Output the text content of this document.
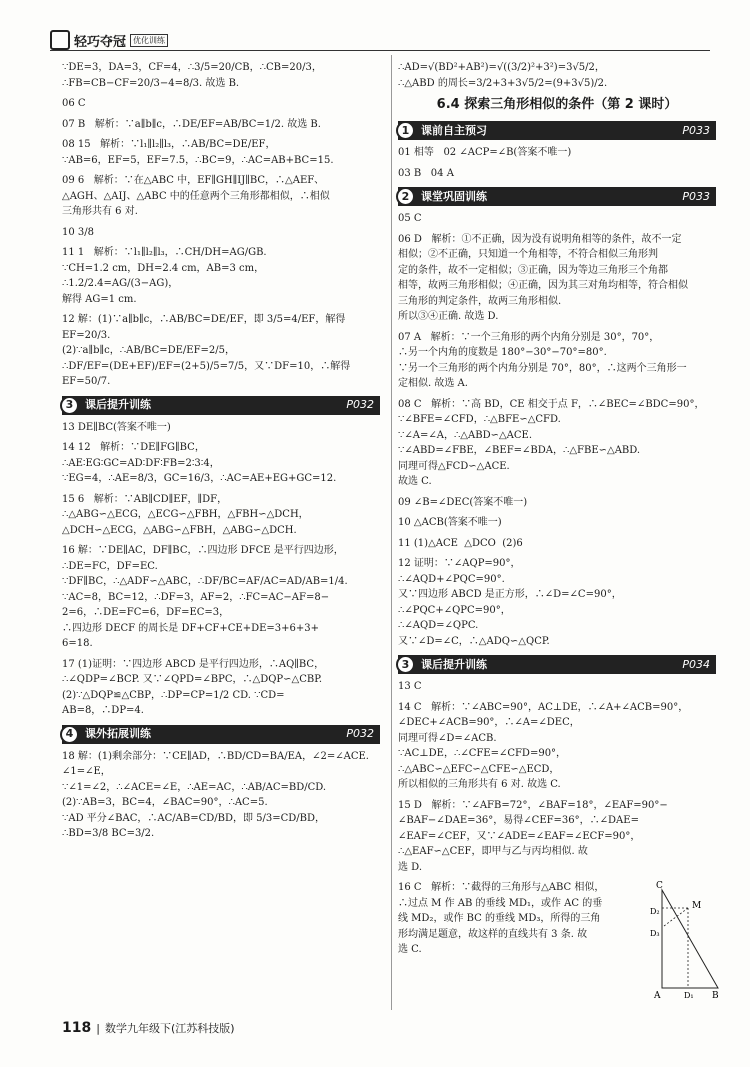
轻巧夺冠 优化训练

∵DE=3，DA=3，CF=4，∴3/5=20/CB，∴CB=20/3，

∴FB=CB−CF=20/3−4=8/3. 故选 B.

06 C

07 B   解析：∵a∥b∥c，∴DE/EF=AB/BC=1/2. 故选 B.

08 15   解析：∵l₁∥l₂∥l₃，∴AB/BC=DE/EF，

∵AB=6，EF=5，EF=7.5，∴BC=9，∴AC=AB+BC=15.

09 6   解析：∵在△ABC 中，EF∥GH∥IJ∥BC，∴△AEF、

△AGH、△AIJ、△ABC 中的任意两个三角形都相似，∴相似

三角形共有 6 对.

10 3/8

11 1   解析：∵l₁∥l₂∥l₃，∴CH/DH=AG/GB.

∵CH=1.2 cm，DH=2.4 cm，AB=3 cm，∴1.2/2.4=AG/(3−AG)，

解得 AG=1 cm.

12 解：(1)∵a∥b∥c，∴AB/BC=DE/EF，即 3/5=4/EF，解得 EF=20/3.

(2)∵a∥b∥c，∴AB/BC=DE/EF=2/5，

∴DF/EF=(DE+EF)/EF=(2+5)/5=7/5，又∵DF=10，∴解得 EF=50/7.

3	课后提升训练	P032

13 DE∥BC(答案不唯一)

14 12   解析：∵DE∥FG∥BC，

∴AE∶EG∶GC=AD∶DF∶FB=2∶3∶4，

∵EG=4，∴AE=8/3，GC=16/3，∴AC=AE+EG+GC=12.

15 6   解析：∵AB∥CD∥EF，∥DF，

∴△ABG∽△ECG，△ECG∽△FBH，△FBH∽△DCH，

△DCH∽△ECG，△ABG∽△FBH，△ABG∽△DCH.

16 解：∵DE∥AC，DF∥BC，∴四边形 DFCE 是平行四边形，

∴DE=FC，DF=EC.

∵DF∥BC，∴△ADF∽△ABC，∴DF/BC=AF/AC=AD/AB=1/4.

∵AC=8，BC=12，∴DF=3，AF=2，∴FC=AC−AF=8−

2=6，∴DE=FC=6，DF=EC=3，

∴四边形 DECF 的周长是 DF+CF+CE+DE=3+6+3+

6=18.

17 (1)证明：∵四边形 ABCD 是平行四边形，∴AQ∥BC，

∴∠QDP=∠BCP. 又∵∠QPD=∠BPC，∴△DQP∽△CBP.

(2)∵△DQP≌△CBP，∴DP=CP=1/2 CD. ∵CD=

AB=8，∴DP=4.

4	课外拓展训练	P032

18 解：(1)剩余部分：∵CE∥AD，∴BD/CD=BA/EA，∠2=∠ACE.

∠1=∠E，

∵∠1=∠2，∴∠ACE=∠E，∴AE=AC，∴AB/AC=BD/CD.

(2)∵AB=3，BC=4，∠BAC=90°，∴AC=5.

∵AD 平分∠BAC，∴AC/AB=CD/BD，即 5/3=CD/BD，

∴BD=3/8 BC=3/2.

∴AD=√(BD²+AB²)=√((3/2)²+3²)=3√5/2，

∴△ABD 的周长=3/2+3+3√5/2=(9+3√5)/2.

6.4 探索三角形相似的条件（第 2 课时）
1	课前自主预习	P033

01 相等   02 ∠ACP=∠B(答案不唯一)

03 B   04 A

2	课堂巩固训练	P033

05 C

06 D   解析：①不正确，因为没有说明角相等的条件，故不一定

相似；②不正确，只知道一个角相等，不符合相似三角形判

定的条件，故不一定相似；③正确，因为等边三角形三个角都

相等，故两三角形相似；④正确，因为其三对角均相等，符合相似

三角形的判定条件，故两三角形相似.

所以③④正确. 故选 D.

07 A   解析：∵一个三角形的两个内角分别是 30°，70°，

∴另一个内角的度数是 180°−30°−70°=80°.

∵另一个三角形的两个内角分别是 70°，80°，∴这两个三角形一

定相似. 故选 A.

08 C   解析：∵高 BD，CE 相交于点 F，∴∠BEC=∠BDC=90°，

∵∠BFE=∠CFD，∴△BFE∽△CFD.

∵∠A=∠A，∴△ABD∽△ACE.

∵∠ABD=∠FBE，∠BEF=∠BDA，∴△FBE∽△ABD.

同理可得△FCD∽△ACE.

故选 C.

09 ∠B=∠DEC(答案不唯一)

10 △ACB(答案不唯一)

11 (1)△ACE  △DCO  (2)6

12 证明：∵∠AQP=90°，

∴∠AQD+∠PQC=90°.

又∵四边形 ABCD 是正方形，∴∠D=∠C=90°，

∴∠PQC+∠QPC=90°，

∴∠AQD=∠QPC.

又∵∠D=∠C，∴△ADQ∽△QCP.

3	课后提升训练	P034

13 C

14 C   解析：∵∠ABC=90°，AC⊥DE，∴∠A+∠ACB=90°，

∠DEC+∠ACB=90°，∴∠A=∠DEC，

同理可得∠D=∠ACB.

∵AC⊥DE，∴∠CFE=∠CFD=90°，

∴△ABC∽△EFC∽△CFE∽△ECD，

所以相似的三角形共有 6 对. 故选 C.

15 D   解析：∵∠AFB=72°，∠BAF=18°，∠EAF=90°−

∠BAF−∠DAE=36°，易得∠CEF=36°，∴∠DAE=

∠EAF=∠CEF，又∵∠ADE=∠EAF=∠ECF=90°，

∴△EAF∽△CEF，即甲与乙与丙均相似. 故

选 D.

16 C   解析：∵截得的三角形与△ABC 相似，

∴过点 M 作 AB 的垂线 MD₁，或作 AC 的垂

线 MD₂，或作 BC 的垂线 MD₃，所得的三角

形均满足题意，故这样的直线共有 3 条. 故

选 C.

C
M
D₂
D₃
A	D₁ B
118 | 数学九年级下(江苏科技版)
